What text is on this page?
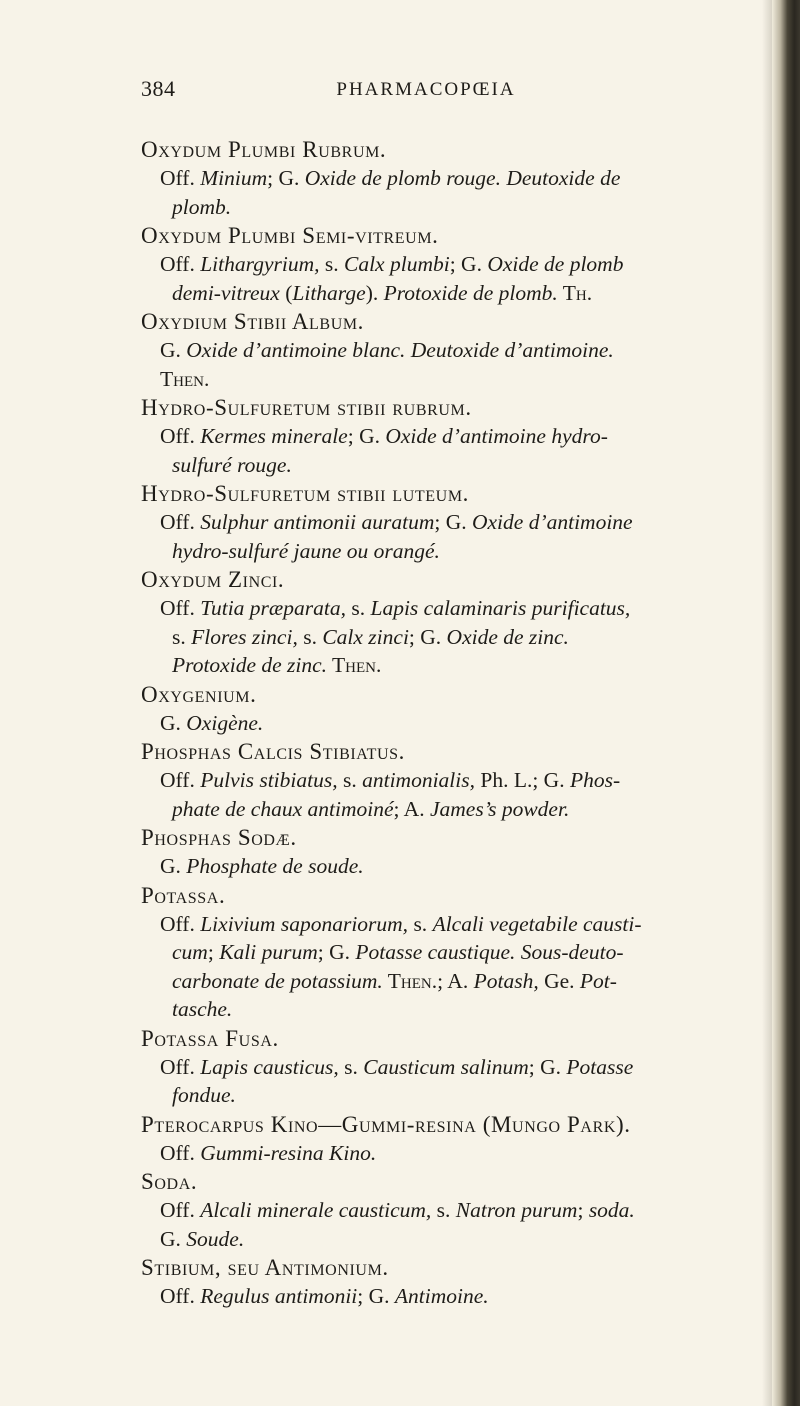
384	PHARMACOPŒIA

Oxydum Plumbi Rubrum.

Off. Minium; G. Oxide de plomb rouge. Deutoxide de
plomb.

Oxydum Plumbi Semi-vitreum.

Off. Lithargyrium, s. Calx plumbi; G. Oxide de plomb
demi-vitreux (Litharge). Protoxide de plomb. Th.

Oxydium Stibii Album.

G. Oxide d’antimoine blanc. Deutoxide d’antimoine.
Then.

Hydro-Sulfuretum stibii rubrum.

Off. Kermes minerale; G. Oxide d’antimoine hydro-
sulfuré rouge.

Hydro-Sulfuretum stibii luteum.

Off. Sulphur antimonii auratum; G. Oxide d’antimoine
hydro-sulfuré jaune ou orangé.

Oxydum Zinci.

Off. Tutia præparata, s. Lapis calaminaris purificatus,
s. Flores zinci, s. Calx zinci; G. Oxide de zinc.
Protoxide de zinc. Then.

Oxygenium.

G. Oxigène.

Phosphas Calcis Stibiatus.

Off. Pulvis stibiatus, s. antimonialis, Ph. L.; G. Phos-
phate de chaux antimoiné; A. James’s powder.

Phosphas Sodæ.

G. Phosphate de soude.

Potassa.

Off. Lixivium saponariorum, s. Alcali vegetabile causti-
cum; Kali purum; G. Potasse caustique. Sous-deuto-
carbonate de potassium. Then.; A. Potash, Ge. Pot-
tasche.

Potassa Fusa.

Off. Lapis causticus, s. Causticum salinum; G. Potasse
fondue.

Pterocarpus Kino—Gummi-resina (Mungo Park).

Off. Gummi-resina Kino.

Soda.

Off. Alcali minerale causticum, s. Natron purum; soda.
G. Soude.

Stibium, seu Antimonium.

Off. Regulus antimonii; G. Antimoine.
